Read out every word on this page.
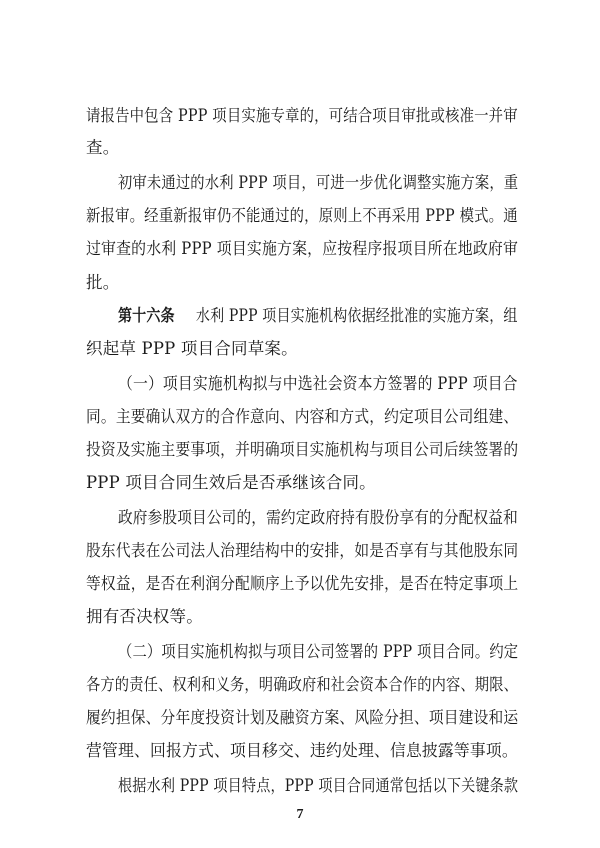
请报告中包含 PPP 项目实施专章的，可结合项目审批或核准一并审
查。
初审未通过的水利 PPP 项目，可进一步优化调整实施方案，重
新报审。经重新报审仍不能通过的，原则上不再采用 PPP 模式。通
过审查的水利 PPP 项目实施方案，应按程序报项目所在地政府审
批。
第十六条 水利 PPP 项目实施机构依据经批准的实施方案，组
织起草 PPP 项目合同草案。
（一）项目实施机构拟与中选社会资本方签署的 PPP 项目合
同。主要确认双方的合作意向、内容和方式，约定项目公司组建、
投资及实施主要事项，并明确项目实施机构与项目公司后续签署的
PPP 项目合同生效后是否承继该合同。
政府参股项目公司的，需约定政府持有股份享有的分配权益和
股东代表在公司法人治理结构中的安排，如是否享有与其他股东同
等权益，是否在利润分配顺序上予以优先安排，是否在特定事项上
拥有否决权等。
（二）项目实施机构拟与项目公司签署的 PPP 项目合同。约定
各方的责任、权利和义务，明确政府和社会资本合作的内容、期限、
履约担保、分年度投资计划及融资方案、风险分担、项目建设和运
营管理、回报方式、项目移交、违约处理、信息披露等事项。
根据水利 PPP 项目特点，PPP 项目合同通常包括以下关键条款
7
